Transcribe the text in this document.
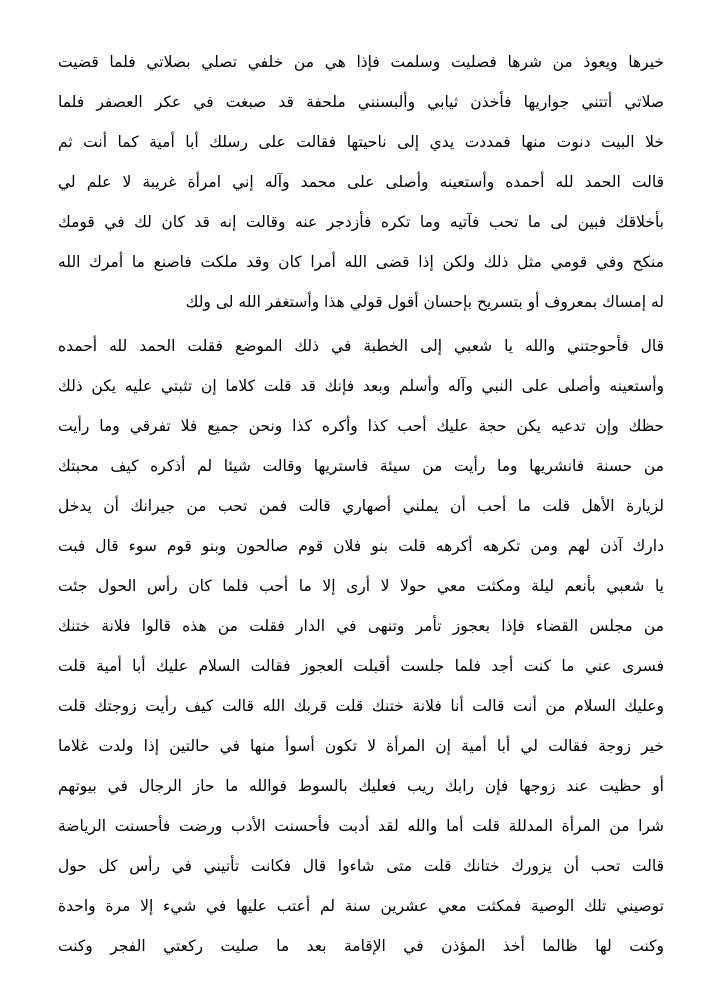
خيرها ويعوذ من شرها فصليت وسلمت فإذا هي من خلفي تصلي بصلاتي فلما قضيت
صلاتي أتتني جواريها فأخذن ثيابي وألبسنني ملحفة قد صبغت في عكر العصفر فلما
خلا البيت دنوت منها فمددت يدي إلى ناحيتها فقالت على رسلك أبا أمية كما أنت ثم
قالت الحمد لله أحمده وأستعينه وأصلى على محمد وآله إني امرأة غريبة لا علم لي
بأخلاقك فبين لى ما تحب فآتيه وما تكره فأزدجر عنه وقالت إنه قد كان لك في قومك
منكح وفي قومي مثل ذلك ولكن إذا قضى الله أمرا كان وقد ملكت فاصنع ما أمرك الله
له إمساك بمعروف أو بتسريح بإحسان أقول قولي هذا وأستغفر الله لى ولك
قال فأحوجتني والله يا شعبي إلى الخطبة في ذلك الموضع فقلت الحمد لله أحمده
وأستعينه وأصلى على النبي وآله وأسلم وبعد فإنك قد قلت كلاما إن تثبتي عليه يكن ذلك
حظك وإن تدعيه يكن حجة عليك أحب كذا وأكره كذا ونحن جميع فلا تفرقي وما رأيت
من حسنة فانشريها وما رأيت من سيئة فاستريها وقالت شيئا لم أذكره كيف محبتك
لزيارة الأهل قلت ما أحب أن يملني أصهاري قالت فمن تحب من جيرانك أن يدخل
دارك آذن لهم ومن تكرهه أكرهه قلت بنو فلان قوم صالحون وبنو قوم سوء قال فبت
يا شعبي بأنعم ليلة ومكثت معي حولا لا أرى إلا ما أحب فلما كان رأس الحول جئت
من مجلس القضاء فإذا بعجوز تأمر وتنهى في الدار فقلت من هذه قالوا فلانة ختنك
فسرى عني ما كنت أجد فلما جلست أقبلت العجوز فقالت السلام عليك أبا أمية قلت
وعليك السلام من أنت قالت أنا فلانة ختنك قلت قربك الله قالت كيف رأيت زوجتك قلت
خير زوجة فقالت لي أبا أمية إن المرأة لا تكون أسوأ منها في حالتين إذا ولدت غلاما
أو حظيت عند زوجها فإن رابك ريب فعليك بالسوط فوالله ما حاز الرجال في بيوتهم
شرا من المرأة المدللة قلت أما والله لقد أدبت فأحسنت الأدب ورضت فأحسنت الرياضة
قالت تحب أن يزورك ختانك قلت متى شاءوا قال فكانت تأتيني في رأس كل حول
توصيني تلك الوصية فمكثت معي عشرين سنة لم أعتب عليها في شيء إلا مرة واحدة
وكنت لها ظالما أخذ المؤذن في الإقامة بعد ما صليت ركعتي الفجر وكنت
